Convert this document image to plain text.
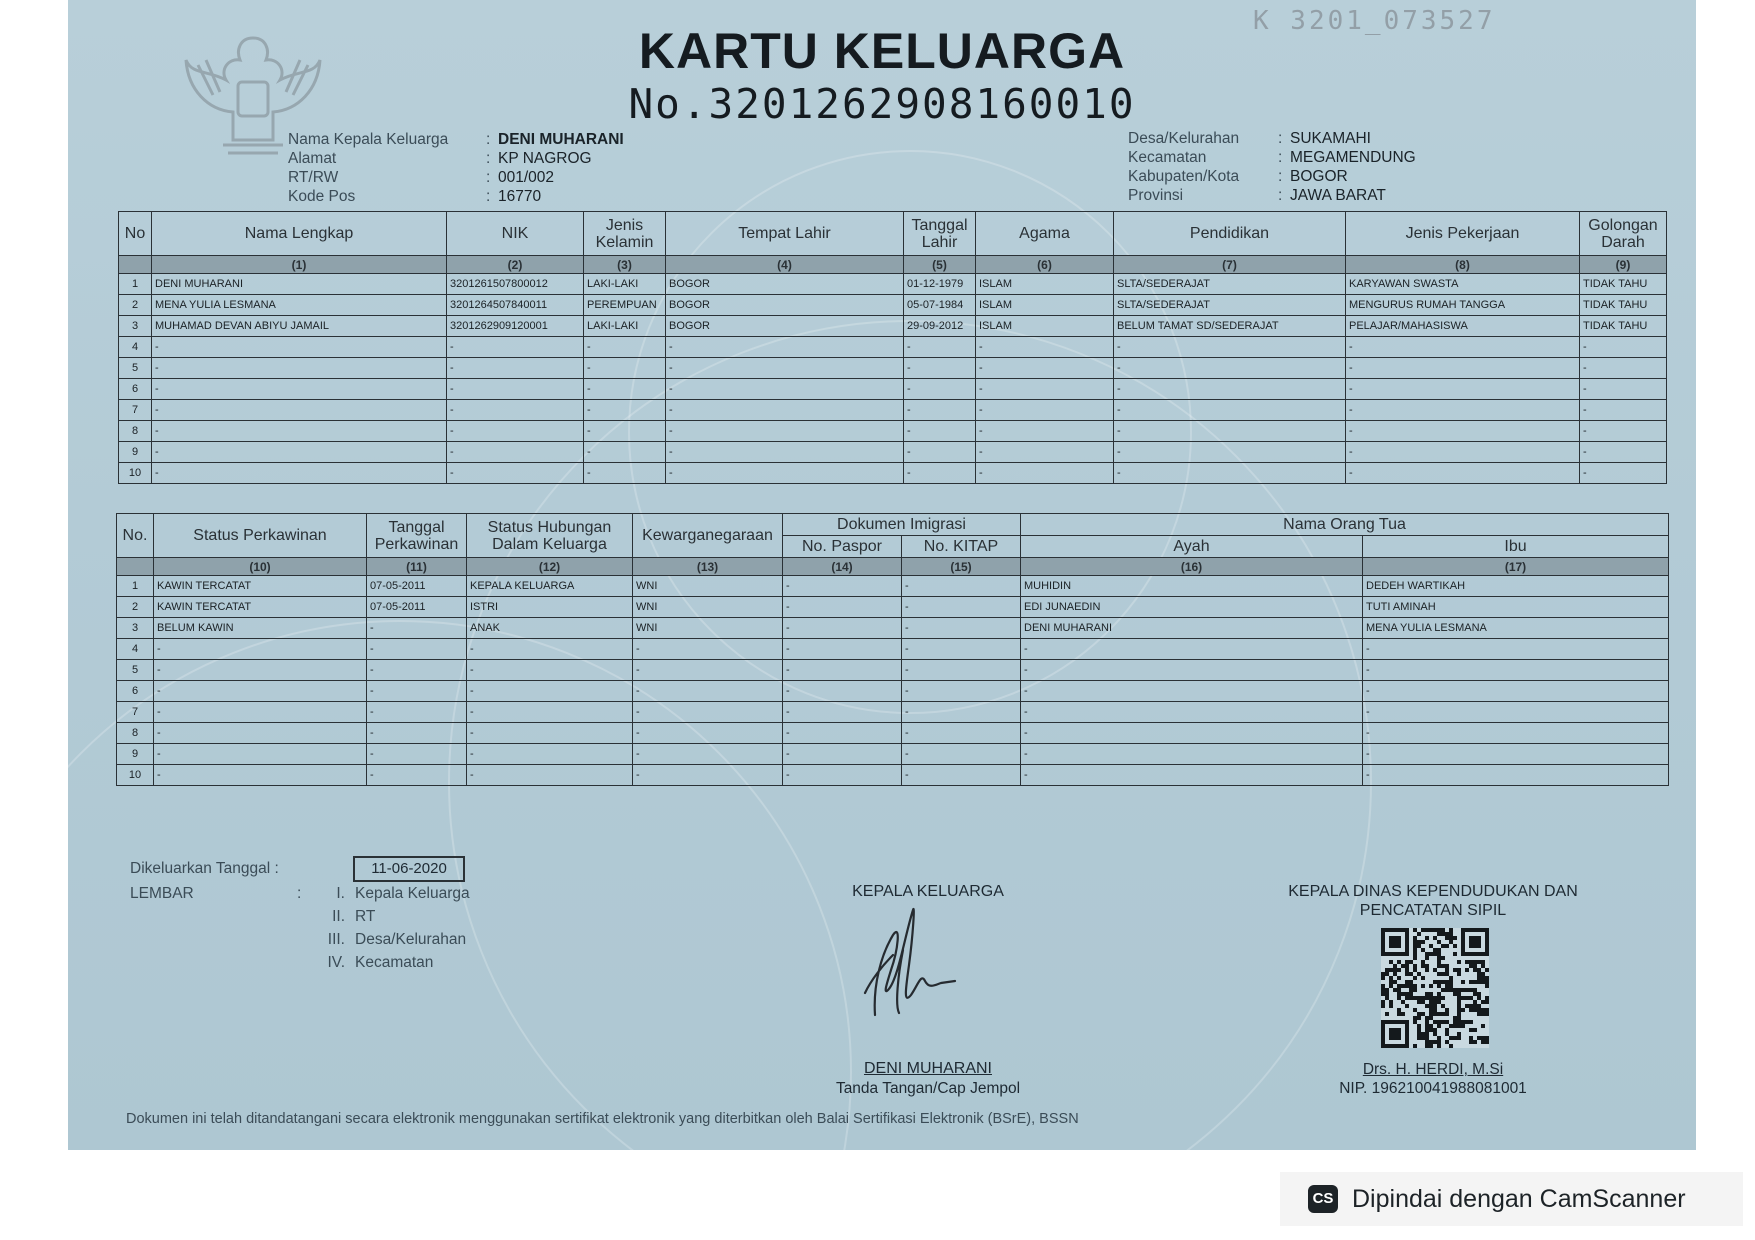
KARTU KELUARGA
No.3201262908160010
K 3201_073527
Nama Kepala Keluarga	: DENI MUHARANI
Alamat	: KP NAGROG
RT/RW	: 001/002
Kode Pos	: 16770
Desa/Kelurahan	: SUKAMAHI
Kecamatan	: MEGAMENDUNG
Kabupaten/Kota	: BOGOR
Provinsi	: JAWA BARAT
No	Nama Lengkap	NIK	Jenis Kelamin	Tempat Lahir	Tanggal Lahir	Agama	Pendidikan	Jenis Pekerjaan	Golongan Darah
	(1)	(2)	(3)	(4)	(5)	(6)	(7)	(8)	(9)
1	DENI MUHARANI	3201261507800012	LAKI-LAKI	BOGOR	01-12-1979	ISLAM	SLTA/SEDERAJAT	KARYAWAN SWASTA	TIDAK TAHU
2	MENA YULIA LESMANA	3201264507840011	PEREMPUAN	BOGOR	05-07-1984	ISLAM	SLTA/SEDERAJAT	MENGURUS RUMAH TANGGA	TIDAK TAHU
3	MUHAMAD DEVAN ABIYU JAMAIL	3201262909120001	LAKI-LAKI	BOGOR	29-09-2012	ISLAM	BELUM TAMAT SD/SEDERAJAT	PELAJAR/MAHASISWA	TIDAK TAHU
4	-	-	-	-	-	-	-	-	-
5	-	-	-	-	-	-	-	-	-
6	-	-	-	-	-	-	-	-	-
7	-	-	-	-	-	-	-	-	-
8	-	-	-	-	-	-	-	-	-
9	-	-	-	-	-	-	-	-	-
10	-	-	-	-	-	-	-	-	-
No.	Status Perkawinan	Tanggal Perkawinan	Status Hubungan Dalam Keluarga	Kewarganegaraan	Dokumen Imigrasi		Nama Orang Tua	
					No. Paspor	No. KITAP	Ayah	Ibu
	(10)	(11)	(12)	(13)	(14)	(15)	(16)	(17)
1	KAWIN TERCATAT	07-05-2011	KEPALA KELUARGA	WNI	-	-	MUHIDIN	DEDEH WARTIKAH
2	KAWIN TERCATAT	07-05-2011	ISTRI	WNI	-	-	EDI JUNAEDIN	TUTI AMINAH
3	BELUM KAWIN	-	ANAK	WNI	-	-	DENI MUHARANI	MENA YULIA LESMANA
4	-	-	-	-	-	-	-	-
5	-	-	-	-	-	-	-	-
6	-	-	-	-	-	-	-	-
7	-	-	-	-	-	-	-	-
8	-	-	-	-	-	-	-	-
9	-	-	-	-	-	-	-	-
10	-	-	-	-	-	-	-	-
Dikeluarkan Tanggal :	11-06-2020
LEMBAR	:	I. Kepala Keluarga
II. RT
III. Desa/Kelurahan
IV. Kecamatan
KEPALA KELUARGA
DENI MUHARANI
Tanda Tangan/Cap Jempol
KEPALA DINAS KEPENDUDUKAN DAN PENCATATAN SIPIL
Drs. H. HERDI, M.Si
NIP. 196210041988081001
Dokumen ini telah ditandatangani secara elektronik menggunakan sertifikat elektronik yang diterbitkan oleh Balai Sertifikasi Elektronik (BSrE), BSSN
CS Dipindai dengan CamScanner
